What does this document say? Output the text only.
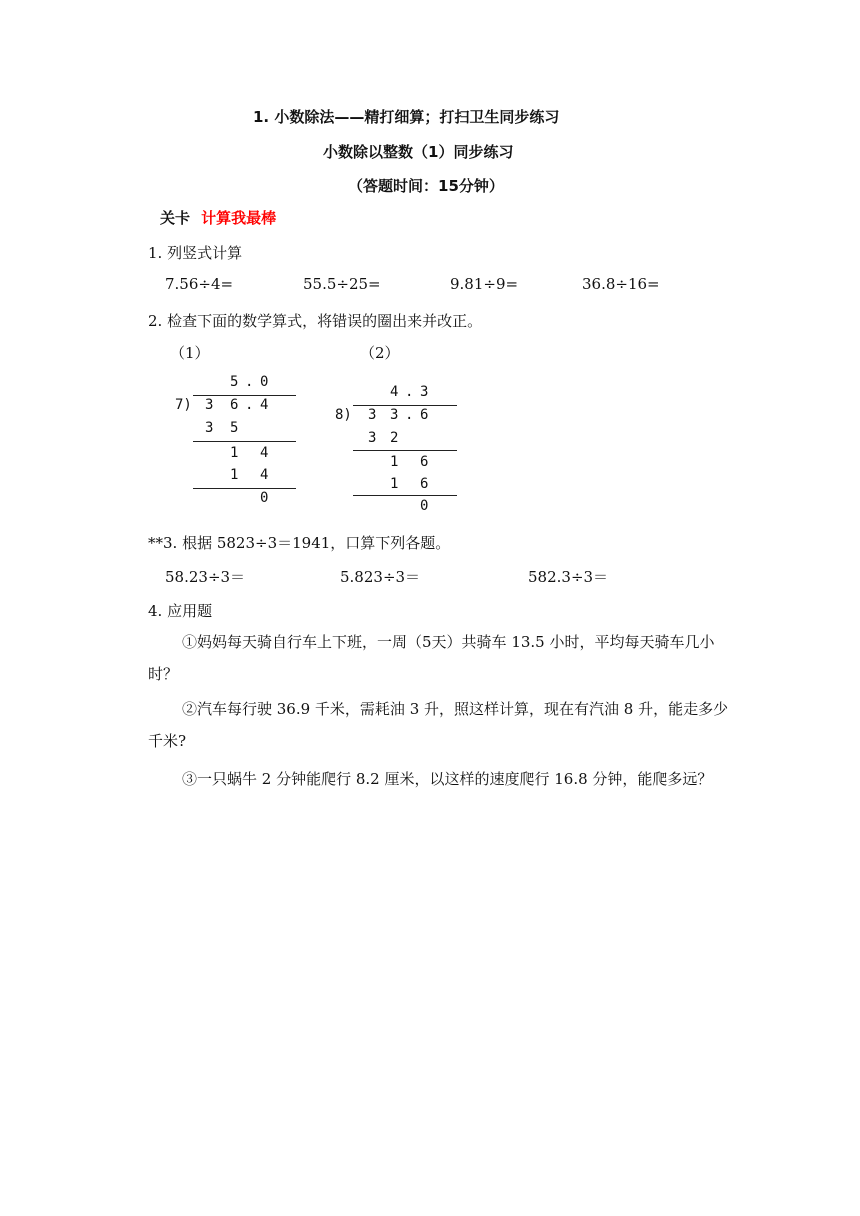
1. 小数除法——精打细算；打扫卫生同步练习
小数除以整数（1）同步练习
（答题时间：15分钟）
关卡 计算我最棒
1. 列竖式计算
7.56÷4=	55.5÷25=	9.81÷9=	36.8÷16=
2. 检查下面的数学算式，将错误的圈出来并改正。
（1）	（2）
5 . 0
7) 3 6 . 4
3 5
1 4
1 4
0
4 . 3
8) 3 3 . 6
3 2
1 6
1 6
0
**3. 根据 5823÷3＝1941，口算下列各题。
58.23÷3＝	5.823÷3＝	582.3÷3＝
4. 应用题
①妈妈每天骑自行车上下班，一周（5天）共骑车 13.5 小时，平均每天骑车几小时？
②汽车每行驶 36.9 千米，需耗油 3 升，照这样计算，现在有汽油 8 升，能走多少千米?
③一只蜗牛 2 分钟能爬行 8.2 厘米，以这样的速度爬行 16.8 分钟，能爬多远？
